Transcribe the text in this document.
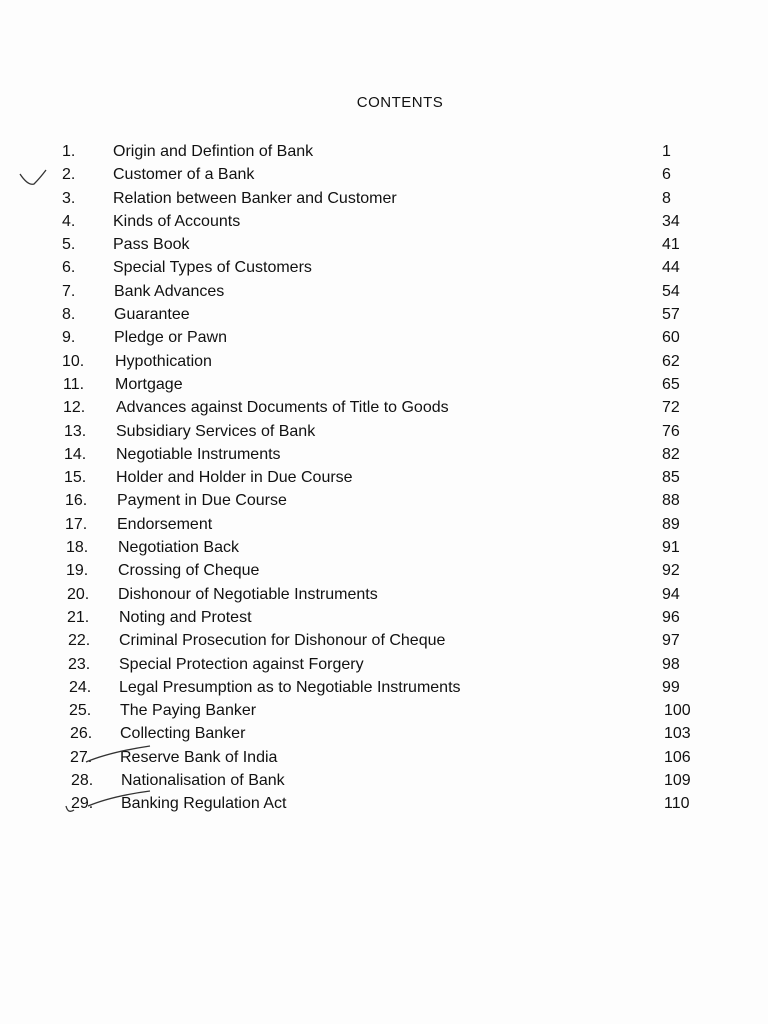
CONTENTS
1.	Origin and Defintion of Bank	1
2.	Customer of a Bank	6
3.	Relation between Banker and Customer	8
4.	Kinds of Accounts	34
5.	Pass Book	41
6.	Special Types of Customers	44
7.	Bank Advances	54
8.	Guarantee	57
9.	Pledge or Pawn	60
10.	Hypothication	62
11.	Mortgage	65
12.	Advances against Documents of Title to Goods	72
13.	Subsidiary Services of Bank	76
14.	Negotiable Instruments	82
15.	Holder and Holder in Due Course	85
16.	Payment in Due Course	88
17.	Endorsement	89
18.	Negotiation Back	91
19.	Crossing of Cheque	92
20.	Dishonour of Negotiable Instruments	94
21.	Noting and Protest	96
22.	Criminal Prosecution for Dishonour of Cheque	97
23.	Special Protection against Forgery	98
24.	Legal Presumption as to Negotiable Instruments	99
25.	The Paying Banker	100
26.	Collecting Banker	103
27.	Reserve Bank of India	106
28.	Nationalisation of Bank	109
29.	Banking Regulation Act	110
